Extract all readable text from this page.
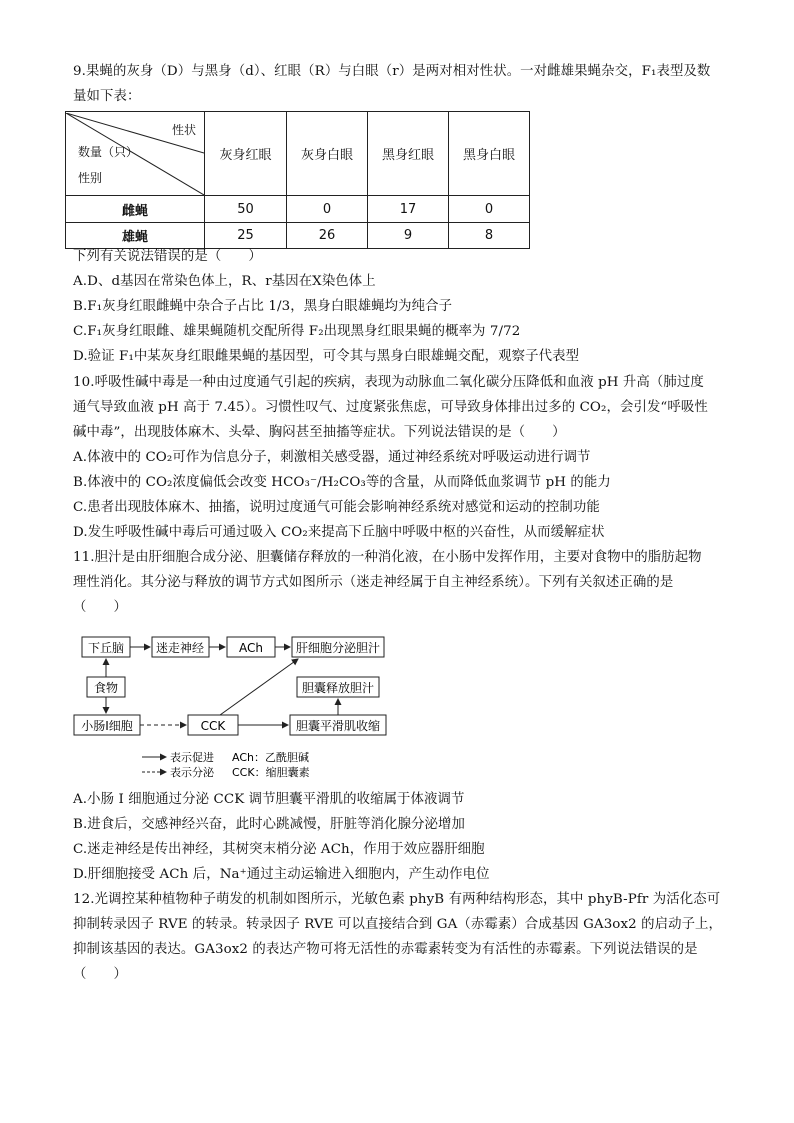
9.果蝇的灰身（D）与黑身（d）、红眼（R）与白眼（r）是两对相对性状。一对雌雄果蝇杂交，F₁表型及数
量如下表：
性状
数量（只）
性别	灰身红眼	灰身白眼	黑身红眼	黑身白眼
雌蝇	50	0	17	0
雄蝇	25	26	9	8
下列有关说法错误的是（　　）
A.D、d基因在常染色体上，R、r基因在X染色体上
B.F₁灰身红眼雌蝇中杂合子占比 1/3，黑身白眼雄蝇均为纯合子
C.F₁灰身红眼雌、雄果蝇随机交配所得 F₂出现黑身红眼果蝇的概率为 7/72
D.验证 F₁中某灰身红眼雌果蝇的基因型，可令其与黑身白眼雄蝇交配，观察子代表型
10.呼吸性碱中毒是一种由过度通气引起的疾病，表现为动脉血二氧化碳分压降低和血液 pH 升高（肺过度
通气导致血液 pH 高于 7.45）。习惯性叹气、过度紧张焦虑，可导致身体排出过多的 CO₂，会引发“呼吸性
碱中毒”，出现肢体麻木、头晕、胸闷甚至抽搐等症状。下列说法错误的是（　　）
A.体液中的 CO₂可作为信息分子，刺激相关感受器，通过神经系统对呼吸运动进行调节
B.体液中的 CO₂浓度偏低会改变 HCO₃⁻/H₂CO₃等的含量，从而降低血浆调节 pH 的能力
C.患者出现肢体麻木、抽搐，说明过度通气可能会影响神经系统对感觉和运动的控制功能
D.发生呼吸性碱中毒后可通过吸入 CO₂来提高下丘脑中呼吸中枢的兴奋性，从而缓解症状
11.胆汁是由肝细胞合成分泌、胆囊储存释放的一种消化液，在小肠中发挥作用，主要对食物中的脂肪起物
理性消化。其分泌与释放的调节方式如图所示（迷走神经属于自主神经系统）。下列有关叙述正确的是
（　　）
下丘脑	迷走神经	ACh	肝细胞分泌胆汁
食物	胆囊释放胆汁
小肠I细胞	CCK	胆囊平滑肌收缩
表示促进 ACh：乙酰胆碱
表示分泌 CCK：缩胆囊素
A.小肠 I 细胞通过分泌 CCK 调节胆囊平滑肌的收缩属于体液调节
B.进食后，交感神经兴奋，此时心跳减慢，肝脏等消化腺分泌增加
C.迷走神经是传出神经，其树突末梢分泌 ACh，作用于效应器肝细胞
D.肝细胞接受 ACh 后，Na⁺通过主动运输进入细胞内，产生动作电位
12.光调控某种植物种子萌发的机制如图所示，光敏色素 phyB 有两种结构形态，其中 phyB-Pfr 为活化态可
抑制转录因子 RVE 的转录。转录因子 RVE 可以直接结合到 GA（赤霉素）合成基因 GA3ox2 的启动子上，
抑制该基因的表达。GA3ox2 的表达产物可将无活性的赤霉素转变为有活性的赤霉素。下列说法错误的是
（　　）
